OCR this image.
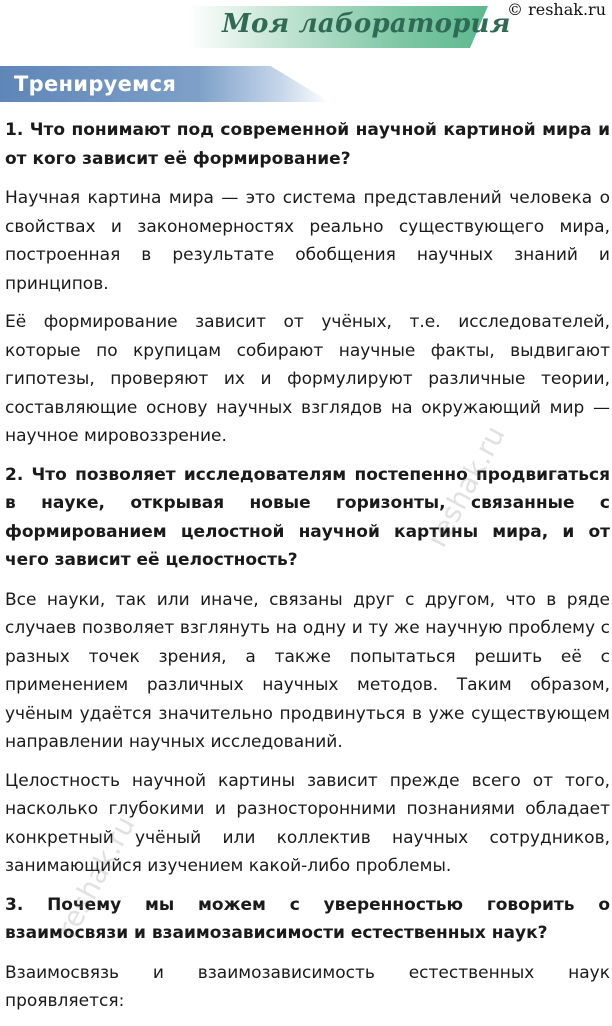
Моя лаборатория
© reshak.ru
Тренируемся
1. Что понимают под современной научной картиной мира и от кого зависит её формирование?
Научная картина мира — это система представлений человека о свойствах и закономерностях реально существующего мира, построенная в результате обобщения научных знаний и принципов.
Её формирование зависит от учёных, т.е. исследователей, которые по крупицам собирают научные факты, выдвигают гипотезы, проверяют их и формулируют различные теории, составляющие основу научных взглядов на окружающий мир — научное мировоззрение.
2. Что позволяет исследователям постепенно продвигаться в науке, открывая новые горизонты, связанные с формированием целостной научной картины мира, и от чего зависит её целостность?
Все науки, так или иначе, связаны друг с другом, что в ряде случаев позволяет взглянуть на одну и ту же научную проблему с разных точек зрения, а также попытаться решить её с применением различных научных методов. Таким образом, учёным удаётся значительно продвинуться в уже существующем направлении научных исследований.
Целостность научной картины зависит прежде всего от того, насколько глубокими и разносторонними познаниями обладает конкретный учёный или коллектив научных сотрудников, занимающийся изучением какой-либо проблемы.
3. Почему мы можем с уверенностью говорить о взаимосвязи и взаимозависимости естественных наук?
Взаимосвязь и взаимозависимость естественных наук проявляется:
reshak.ru
reshak.ru
